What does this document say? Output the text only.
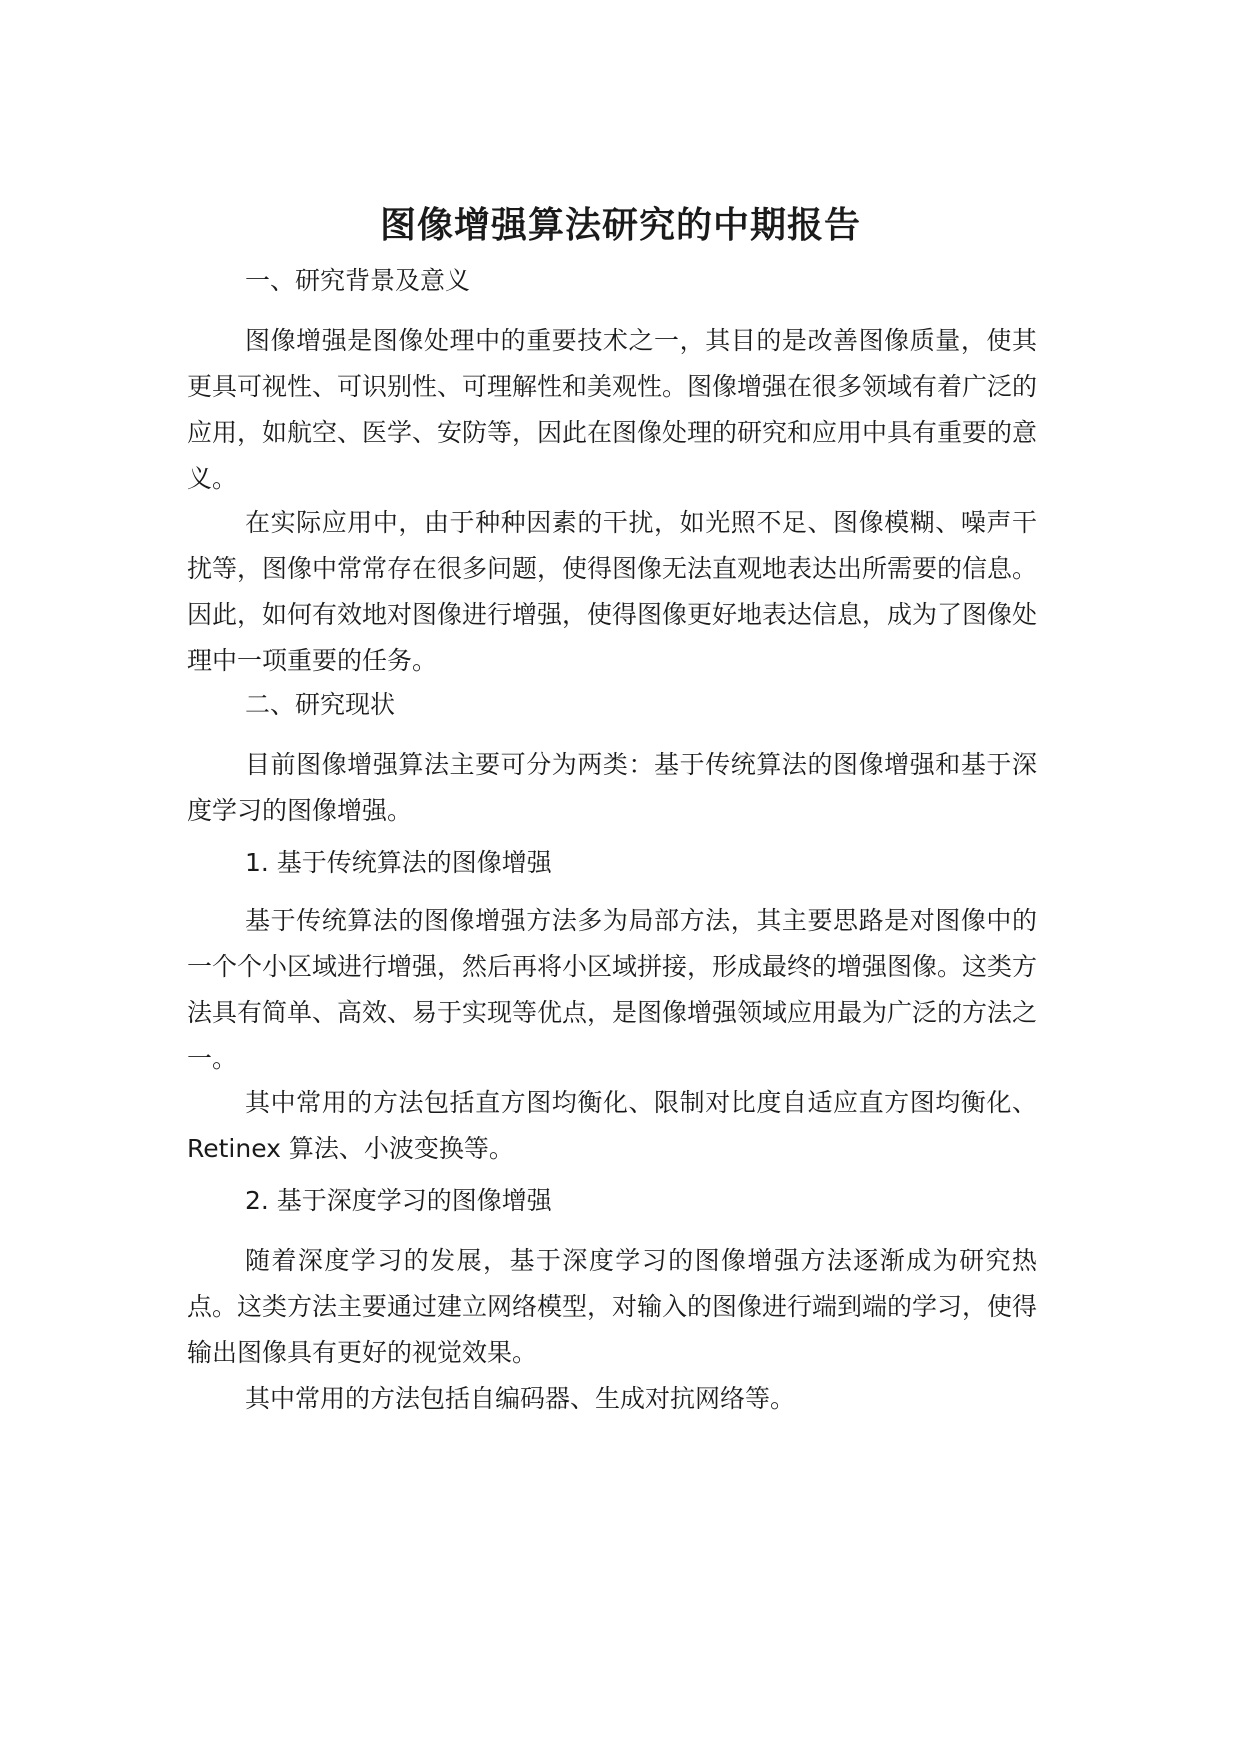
图像增强算法研究的中期报告

一、研究背景及意义

图像增强是图像处理中的重要技术之一，其目的是改善图像质量，使其更具可视性、可识别性、可理解性和美观性。图像增强在很多领域有着广泛的应用，如航空、医学、安防等，因此在图像处理的研究和应用中具有重要的意义。

在实际应用中，由于种种因素的干扰，如光照不足、图像模糊、噪声干扰等，图像中常常存在很多问题，使得图像无法直观地表达出所需要的信息。因此，如何有效地对图像进行增强，使得图像更好地表达信息，成为了图像处理中一项重要的任务。

二、研究现状

目前图像增强算法主要可分为两类：基于传统算法的图像增强和基于深度学习的图像增强。

1. 基于传统算法的图像增强

基于传统算法的图像增强方法多为局部方法，其主要思路是对图像中的一个个小区域进行增强，然后再将小区域拼接，形成最终的增强图像。这类方法具有简单、高效、易于实现等优点，是图像增强领域应用最为广泛的方法之一。

其中常用的方法包括直方图均衡化、限制对比度自适应直方图均衡化、 Retinex 算法、小波变换等。

2. 基于深度学习的图像增强

随着深度学习的发展，基于深度学习的图像增强方法逐渐成为研究热点。这类方法主要通过建立网络模型，对输入的图像进行端到端的学习，使得输出图像具有更好的视觉效果。

其中常用的方法包括自编码器、生成对抗网络等。
